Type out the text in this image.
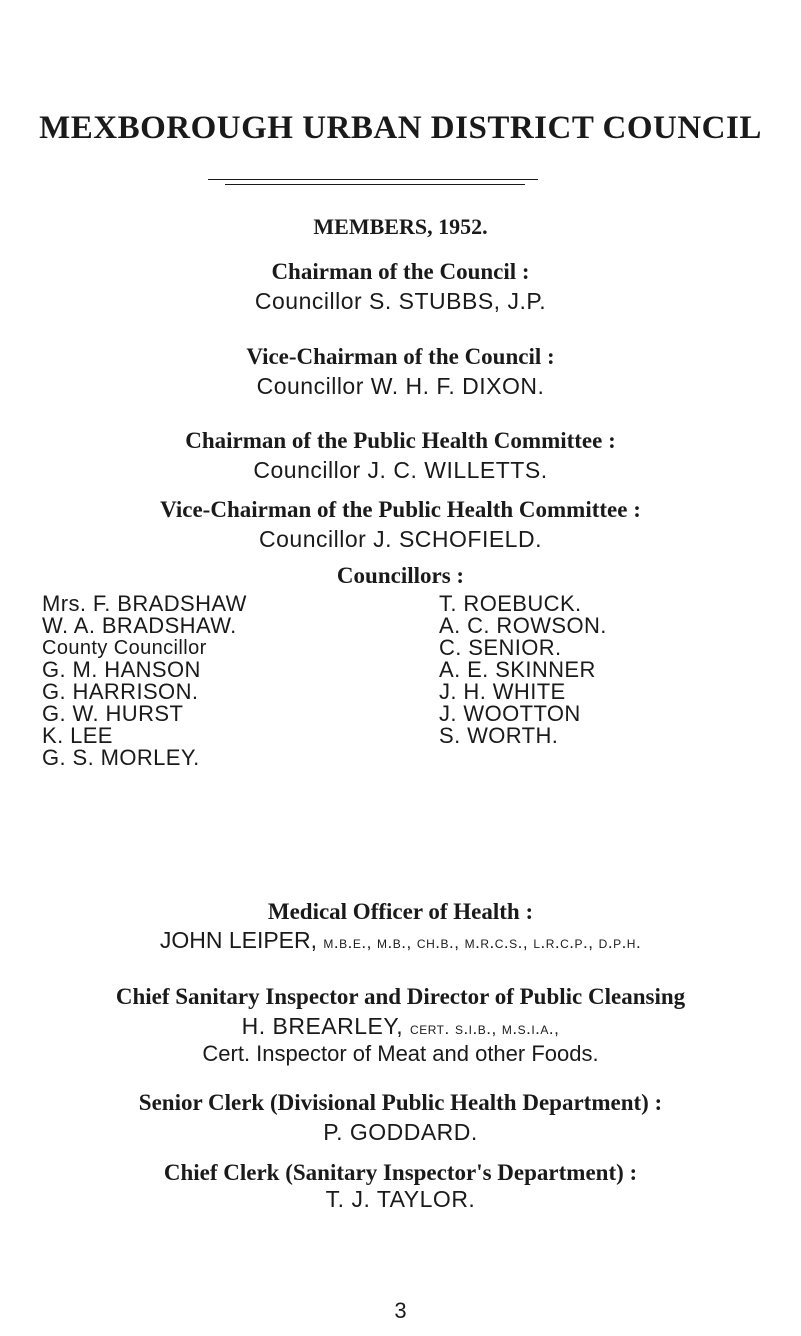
MEXBOROUGH URBAN DISTRICT COUNCIL
MEMBERS, 1952.
Chairman of the Council :
Councillor S. STUBBS, J.P.
Vice-Chairman of the Council :
Councillor W. H. F. DIXON.
Chairman of the Public Health Committee :
Councillor J. C. WILLETTS.
Vice-Chairman of the Public Health Committee :
Councillor J. SCHOFIELD.
Councillors :
Mrs. F. BRADSHAW
W. A. BRADSHAW.
County Councillor
G. M. HANSON
G. HARRISON.
G. W. HURST
K. LEE
G. S. MORLEY.
T. ROEBUCK.
A. C. ROWSON.
C. SENIOR.
A. E. SKINNER
J. H. WHITE
J. WOOTTON
S. WORTH.
Medical Officer of Health :
JOHN LEIPER, m.b.e., m.b., ch.b., m.r.c.s., l.r.c.p., d.p.h.
Chief Sanitary Inspector and Director of Public Cleansing
H. BREARLEY, cert. s.i.b., m.s.i.a.,
Cert. Inspector of Meat and other Foods.
Senior Clerk (Divisional Public Health Department) :
P. GODDARD.
Chief Clerk (Sanitary Inspector's Department) :
T. J. TAYLOR.
3
